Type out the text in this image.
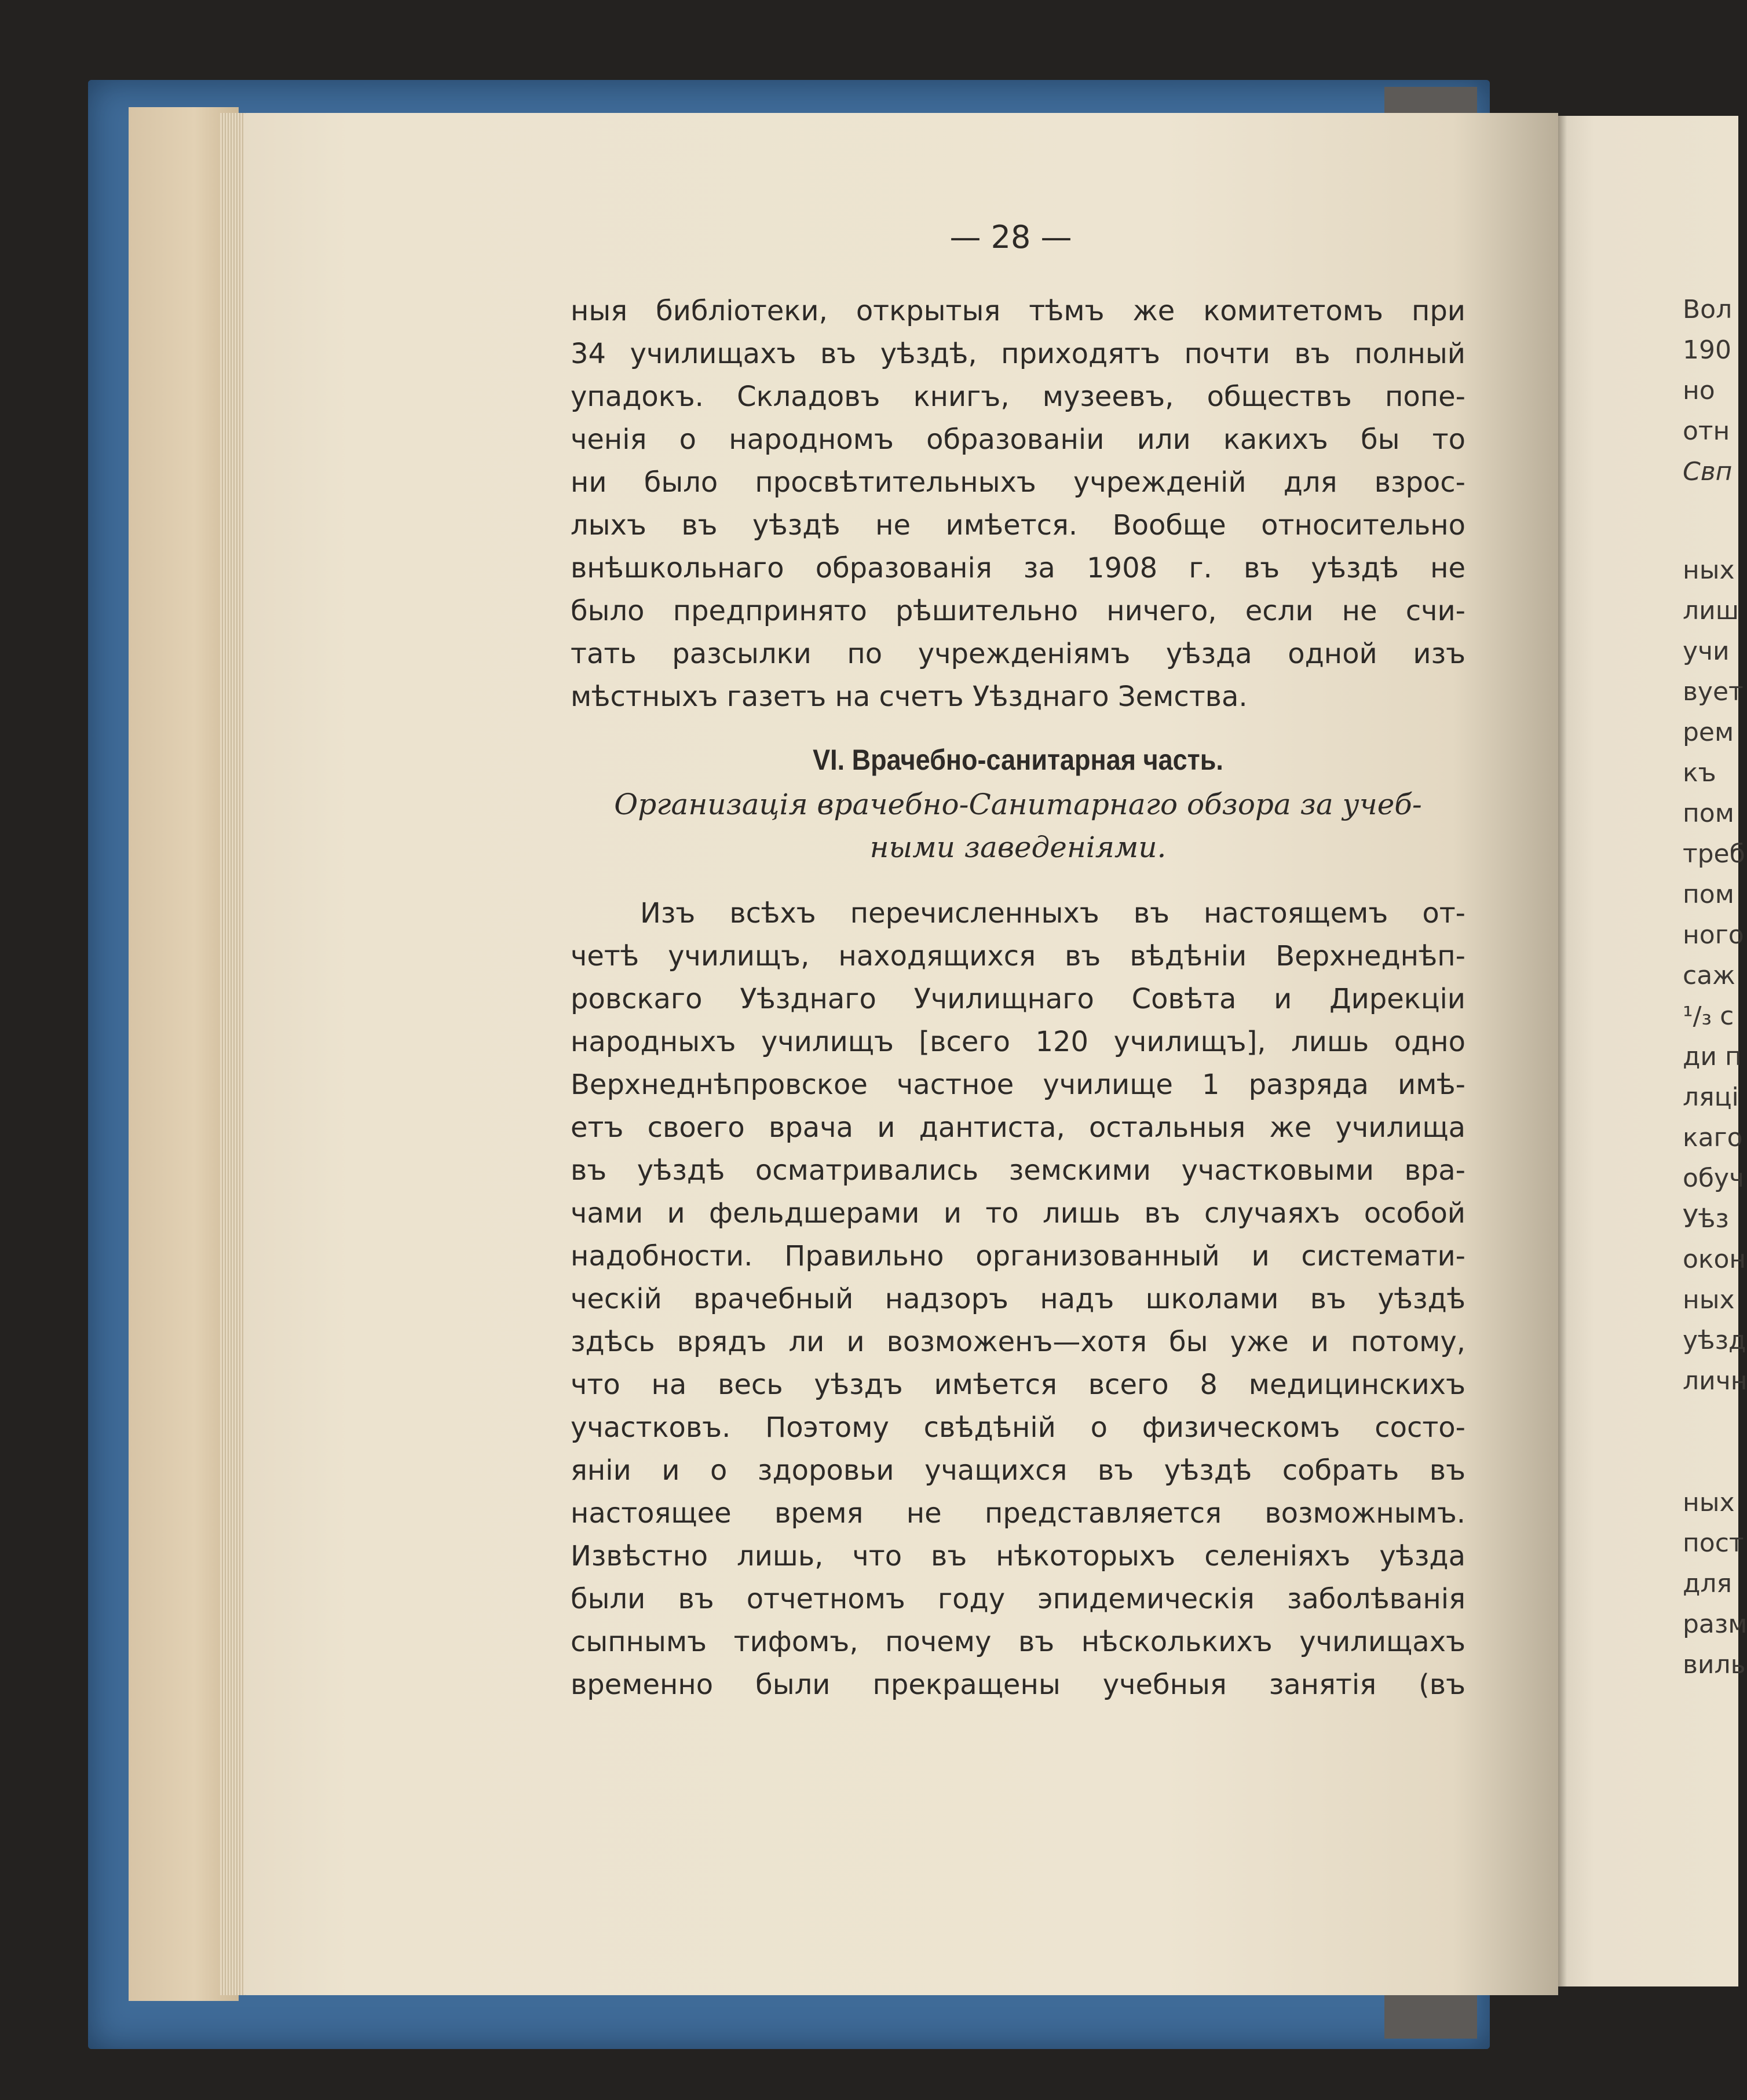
— 28 —
ныя библіотеки, открытыя тѣмъ же комитетомъ при
34 училищахъ въ уѣздѣ, приходятъ почти въ полный
упадокъ. Складовъ книгъ, музеевъ, обществъ попе-
ченія о народномъ образованіи или какихъ бы то
ни было просвѣтительныхъ учрежденій для взрос-
лыхъ въ уѣздѣ не имѣется. Вообще относительно
внѣшкольнаго образованія за 1908 г. въ уѣздѣ не
было предпринято рѣшительно ничего, если не счи-
тать разсылки по учрежденіямъ уѣзда одной изъ
мѣстныхъ газетъ на счетъ Уѣзднаго Земства.
VI. Врачебно-санитарная часть.
Организація врачебно-Санитарнаго обзора за учеб-
ными заведеніями.
Изъ всѣхъ перечисленныхъ въ настоящемъ от-
четѣ училищъ, находящихся въ вѣдѣніи Верхнеднѣп-
ровскаго Уѣзднаго Училищнаго Совѣта и Дирекціи
народныхъ училищъ [всего 120 училищъ], лишь одно
Верхнеднѣпровское частное училище 1 разряда имѣ-
етъ своего врача и дантиста, остальныя же училища
въ уѣздѣ осматривались земскими участковыми вра-
чами и фельдшерами и то лишь въ случаяхъ особой
надобности. Правильно организованный и системати-
ческій врачебный надзоръ надъ школами въ уѣздѣ
здѣсь врядъ ли и возможенъ—хотя бы уже и потому,
что на весь уѣздъ имѣется всего 8 медицинскихъ
участковъ. Поэтому свѣдѣній о физическомъ состо-
яніи и о здоровьи учащихся въ уѣздѣ собрать въ
настоящее время не представляется возможнымъ.
Извѣстно лишь, что въ нѣкоторыхъ селеніяхъ уѣзда
были въ отчетномъ году эпидемическія заболѣванія
сыпнымъ тифомъ, почему въ нѣсколькихъ училищахъ
временно были прекращены учебныя занятія (въ
Вол
190
но
отн
Свп
ных
лиш
учи
вует
рем
къ
пом
треб
пом
ного
саж
¹/₃ с
ди п
ляці
каго
обуч
Уѣз
окон
ных
уѣзд
личн
ных
пост
для
разм
виль
